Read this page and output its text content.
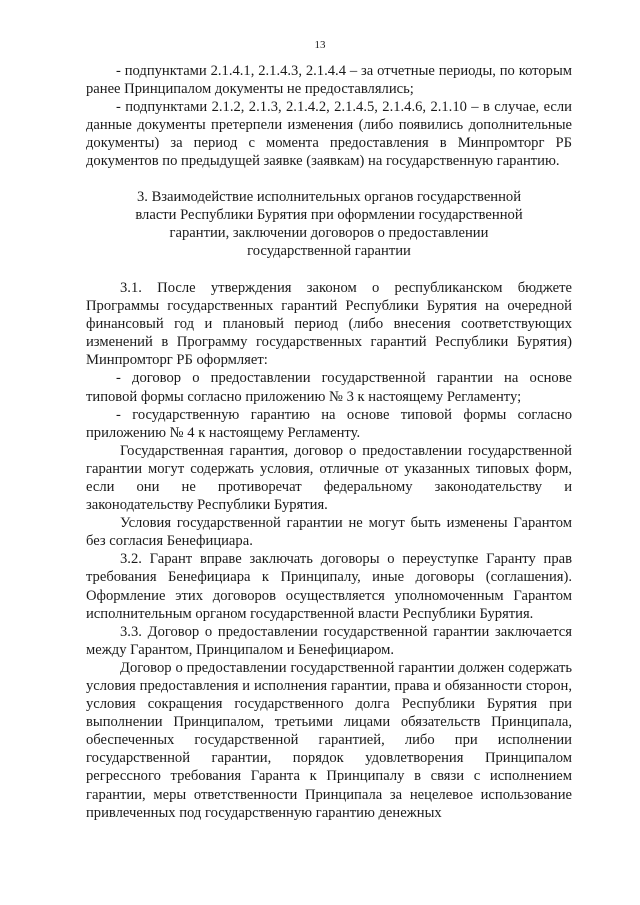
13

- подпунктами 2.1.4.1, 2.1.4.3, 2.1.4.4 – за отчетные периоды, по которым ранее Принципалом документы не предоставлялись;

- подпунктами 2.1.2, 2.1.3, 2.1.4.2, 2.1.4.5, 2.1.4.6, 2.1.10 – в случае, если данные документы претерпели изменения (либо появились дополнительные документы) за период с момента предоставления в Минпромторг РБ документов по предыдущей заявке (заявкам) на государственную гарантию.

3. Взаимодействие исполнительных органов государственной
власти Республики Бурятия при оформлении государственной
гарантии, заключении договоров о предоставлении
государственной гарантии

3.1. После утверждения законом о республиканском бюджете Программы государственных гарантий Республики Бурятия на очередной финансовый год и плановый период (либо внесения соответствующих изменений в Программу государственных гарантий Республики Бурятия) Минпромторг РБ оформляет:

- договор о предоставлении государственной гарантии на основе типовой формы согласно приложению № 3 к настоящему Регламенту;

- государственную гарантию на основе типовой формы согласно приложению № 4 к настоящему Регламенту.

Государственная гарантия, договор о предоставлении государственной гарантии могут содержать условия, отличные от указанных типовых форм, если они не противоречат федеральному законодательству и законодательству Республики Бурятия.

Условия государственной гарантии не могут быть изменены Гарантом без согласия Бенефициара.

3.2. Гарант вправе заключать договоры о переуступке Гаранту прав требования Бенефициара к Принципалу, иные договоры (соглашения). Оформление этих договоров осуществляется уполномоченным Гарантом исполнительным органом государственной власти Республики Бурятия.

3.3. Договор о предоставлении государственной гарантии заключается между Гарантом, Принципалом и Бенефициаром.

Договор о предоставлении государственной гарантии должен содержать условия предоставления и исполнения гарантии, права и обязанности сторон, условия сокращения государственного долга Республики Бурятия при выполнении Принципалом, третьими лицами обязательств Принципала, обеспеченных государственной гарантией, либо при исполнении государственной гарантии, порядок удовлетворения Принципалом регрессного требования Гаранта к Принципалу в связи с исполнением гарантии, меры ответственности Принципала за нецелевое использование привлеченных под государственную гарантию денежных
